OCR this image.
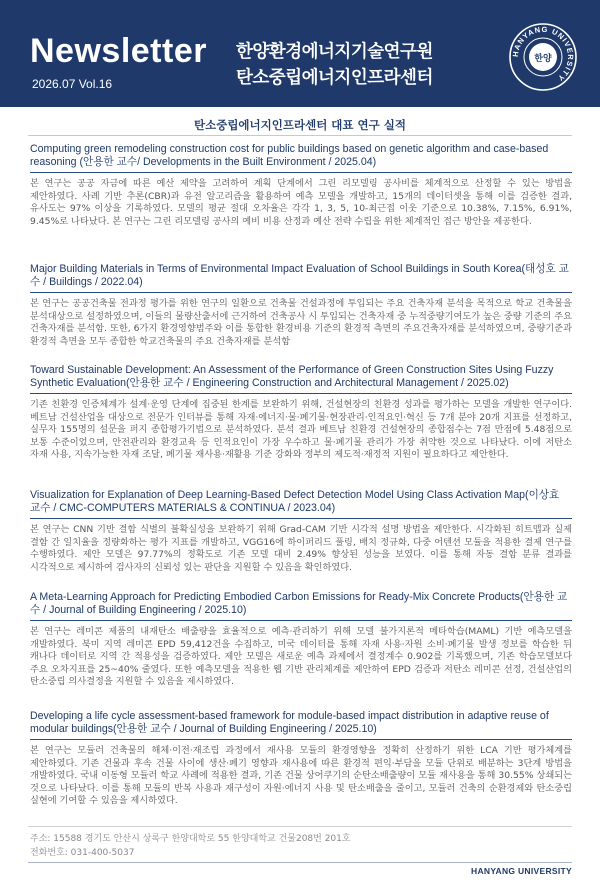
Newsletter
2026.07 Vol.16
한양환경에너지기술연구원
탄소중립에너지인프라센터
HANYANG UNIVERSITY
한양
탄소중립에너지인프라센터 대표 연구 실적
Computing green remodeling construction cost for public buildings based on genetic algorithm and case-based reasoning (안용한 교수/ Developments in the Built Environment / 2025.04)
본 연구는 공공 자금에 따른 예산 제약을 고려하여 계획 단계에서 그린 리모델링 공사비를 체계적으로 산정할 수 있는 방법을 제안하였다. 사례 기반 추론(CBR)과 유전 알고리즘을 활용하여 예측 모델을 개발하고, 15개의 데이터셋을 통해 이를 검증한 결과, 유사도는 97% 이상을 기록하였다. 모델의 평균 절대 오차율은 각각 1, 3, 5, 10-최근접 이웃 기준으로 10.38%, 7.15%, 6.91%, 9.45%로 나타났다. 본 연구는 그린 리모델링 공사의 예비 비용 산정과 예산 전략 수립을 위한 체계적인 접근 방안을 제공한다.
Major Building Materials in Terms of Environmental Impact Evaluation of School Buildings in South Korea(태성호 교수 / Buildings / 2022.04)
본 연구는 공공건축물 전과정 평가를 위한 연구의 일환으로 건축물 건설과정에 투입되는 주요 건축자재 분석을 목적으로 학교 건축물을 분석대상으로 설정하였으며, 이들의 물량산출서에 근거하여 건축공사 시 투입되는 건축자재 중 누적중량기여도가 높은 중량 기준의 주요 건축자재를 분석함. 또한, 6가지 환경영향범주와 이를 통합한 환경비용 기준의 환경적 측면의 주요건축자재를 분석하였으며, 중량기준과 환경적 측면을 모두 종합한 학교건축물의 주요 건축자재를 분석함
Toward Sustainable Development: An Assessment of the Performance of Green Construction Sites Using Fuzzy Synthetic Evaluation(안용한 교수 / Engineering Construction and Architectural Management / 2025.02)
기존 친환경 인증체계가 설계·운영 단계에 집중된 한계를 보완하기 위해, 건설현장의 친환경 성과를 평가하는 모델을 개발한 연구이다. 베트남 건설산업을 대상으로 전문가 인터뷰를 통해 자재·에너지·물·폐기물·현장관리·인적요인·혁신 등 7개 분야 20개 지표를 선정하고, 실무자 155명의 설문을 퍼지 종합평가기법으로 분석하였다. 분석 결과 베트남 친환경 건설현장의 종합점수는 7점 만점에 5.48점으로 보통 수준이었으며, 안전관리와 환경교육 등 인적요인이 가장 우수하고 물·폐기물 관리가 가장 취약한 것으로 나타났다. 이에 저탄소 자재 사용, 지속가능한 자재 조달, 폐기물 재사용·재활용 기준 강화와 정부의 제도적·재정적 지원이 필요하다고 제안한다.
Visualization for Explanation of Deep Learning-Based Defect Detection Model Using Class Activation Map(이상효 교수 / CMC-COMPUTERS MATERIALS & CONTINUA / 2023.04)
본 연구는 CNN 기반 결함 식별의 불확실성을 보완하기 위해 Grad-CAM 기반 시각적 설명 방법을 제안한다. 시각화된 히트맵과 실제 결함 간 일치율을 정량화하는 평가 지표를 개발하고, VGG16에 하이퍼리드 풀링, 배치 정규화, 다중 어텐션 모듈을 적용한 결제 연구를 수행하였다. 제안 모델은 97.77%의 정확도로 기존 모델 대비 2.49% 향상된 성능을 보였다. 이를 통해 자동 결함 분류 결과를 시각적으로 제시하여 검사자의 신뢰성 있는 판단을 지원할 수 있음을 확인하였다.
A Meta-Learning Approach for Predicting Embodied Carbon Emissions for Ready-Mix Concrete Products(안용한 교수 / Journal of Building Engineering / 2025.10)
본 연구는 레미콘 제품의 내재탄소 배출량을 효율적으로 예측·관리하기 위해 모델 불가지론적 메타학습(MAML) 기반 예측모델을 개발하였다. 북미 지역 레미콘 EPD 59,412건을 수집하고, 미국 데이터를 통해 자재 사용·자원 소비·폐기물 발생 정보를 학습한 뒤 캐나다 데이터로 지역 간 적용성을 검증하였다. 제안 모델은 새로운 예측 과제에서 결정계수 0.902를 기록했으며, 기존 학습모델보다 주요 오차지표를 25~40% 줄였다. 또한 예측모델을 적용한 웹 기반 관리체계를 제안하여 EPD 검증과 저탄소 레미콘 선정, 건설산업의 탄소중립 의사결정을 지원할 수 있음을 제시하였다.
Developing a life cycle assessment-based framework for module-based impact distribution in adaptive reuse of modular buildings(안용한 교수 / Journal of Building Engineering / 2025.10)
본 연구는 모듈러 건축물의 해체·이전·재조립 과정에서 재사용 모듈의 환경영향을 정확히 산정하기 위한 LCA 기반 평가체계를 제안하였다. 기존 건물과 후속 건물 사이에 생산·폐기 영향과 재사용에 따른 환경적 편익·부담을 모듈 단위로 배분하는 3단계 방법을 개발하였다. 국내 이동형 모듈러 학교 사례에 적용한 결과, 기존 건물 상어쿠기의 순탄소배출량이 모듈 재사용을 통해 30.55% 상쇄되는 것으로 나타났다. 이를 통해 모듈의 반복 사용과 재구성이 자원·에너지 사용 및 탄소배출을 줄이고, 모듈러 건축의 순환경제와 탄소중립 실현에 기여할 수 있음을 제시하였다.
주소: 15588 경기도 안산시 상록구 한양대학로 55 한양대학교 건물208번 201호
전화번호: 031-400-5037
HANYANG UNIVERSITY
